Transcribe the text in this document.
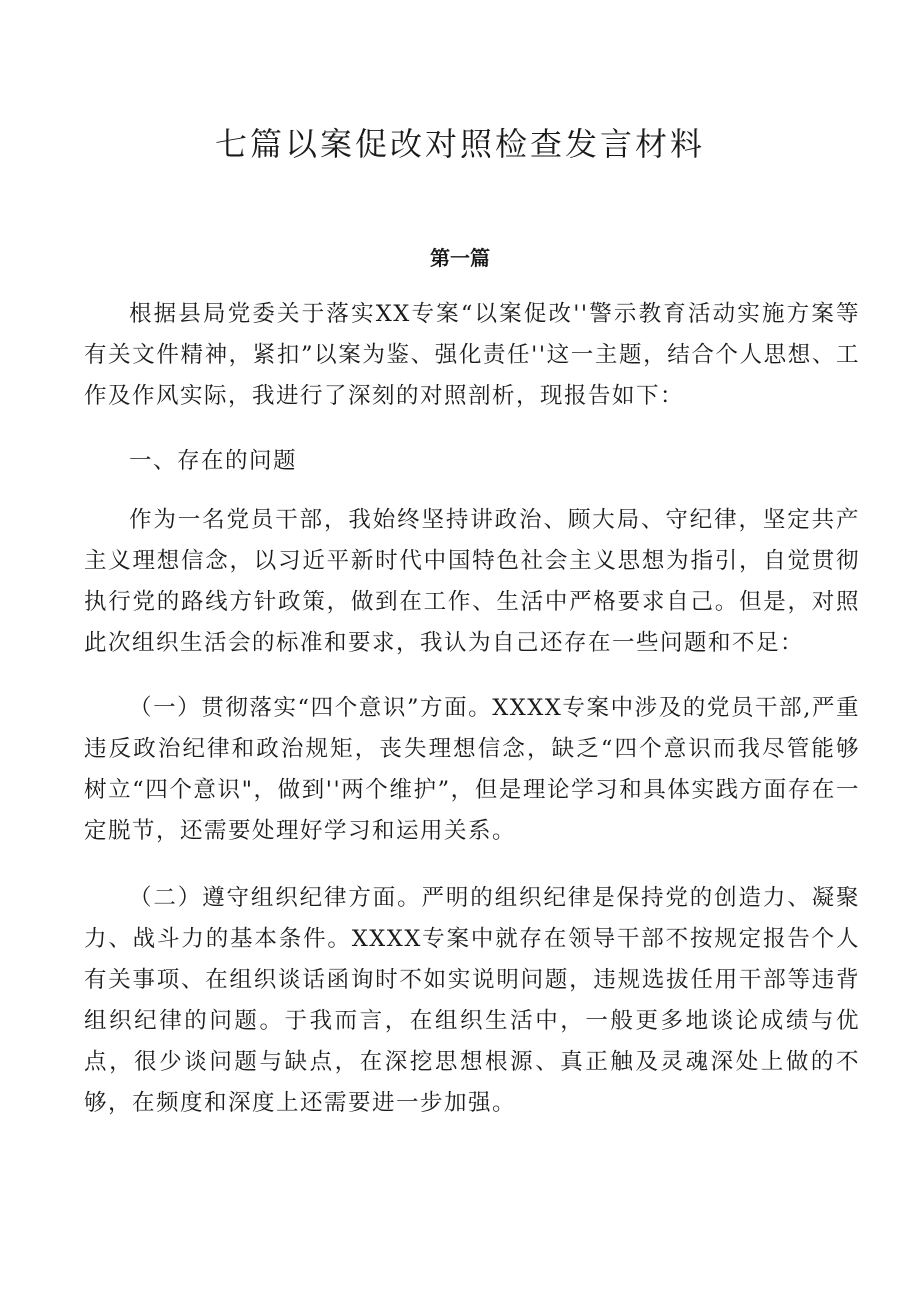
七篇以案促改对照检查发言材料
第一篇

根据县局党委关于落实XX专案“以案促改''警示教育活动实施方案等有关文件精神，紧扣”以案为鉴、强化责任''这一主题，结合个人思想、工作及作风实际，我进行了深刻的对照剖析，现报告如下：

一、存在的问题

作为一名党员干部，我始终坚持讲政治、顾大局、守纪律，坚定共产主义理想信念，以习近平新时代中国特色社会主义思想为指引，自觉贯彻执行党的路线方针政策，做到在工作、生活中严格要求自己。但是，对照此次组织生活会的标准和要求，我认为自己还存在一些问题和不足：

（一）贯彻落实“四个意识”方面。XXXX专案中涉及的党员干部,严重违反政治纪律和政治规矩，丧失理想信念，缺乏“四个意识而我尽管能够树立“四个意识"，做到''两个维护”，但是理论学习和具体实践方面存在一定脱节，还需要处理好学习和运用关系。

（二）遵守组织纪律方面。严明的组织纪律是保持党的创造力、凝聚力、战斗力的基本条件。XXXX专案中就存在领导干部不按规定报告个人有关事项、在组织谈话函询时不如实说明问题，违规选拔任用干部等违背组织纪律的问题。于我而言，在组织生活中，一般更多地谈论成绩与优点，很少谈问题与缺点，在深挖思想根源、真正触及灵魂深处上做的不够，在频度和深度上还需要进一步加强。
